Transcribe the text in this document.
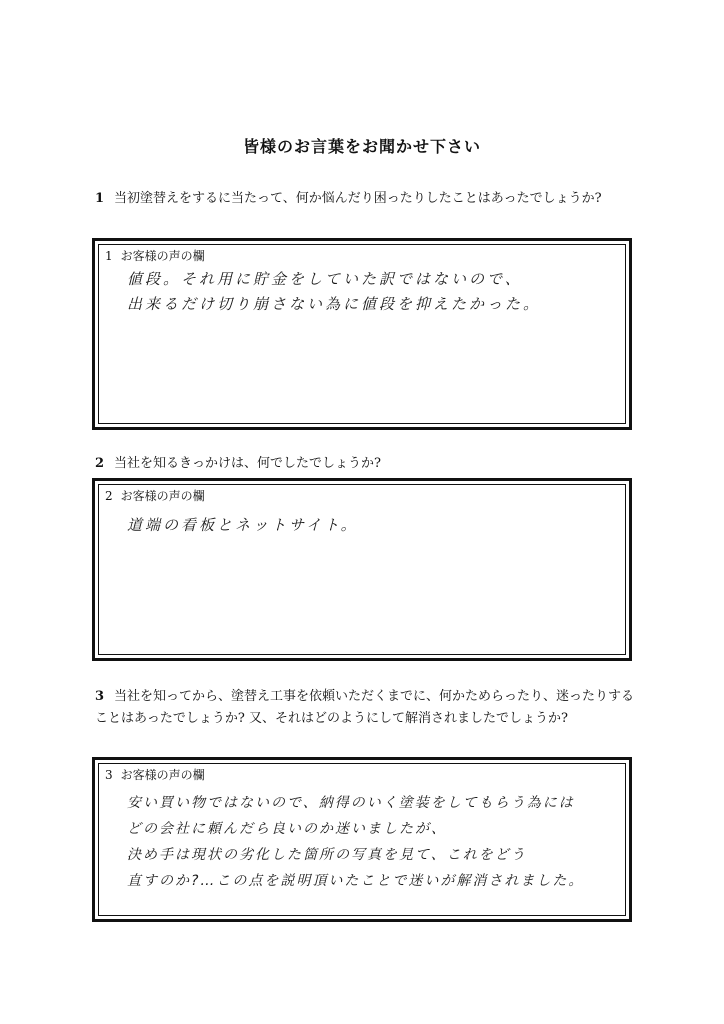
皆様のお言葉をお聞かせ下さい
1 当初塗替えをするに当たって、何か悩んだり困ったりしたことはあったでしょうか?
1 お客様の声の欄
値段。それ用に貯金をしていた訳ではないので、
出来るだけ切り崩さない為に値段を抑えたかった。
2 当社を知るきっかけは、何でしたでしょうか?
2 お客様の声の欄
道端の看板とネットサイト。
3 当社を知ってから、塗替え工事を依頼いただくまでに、何かためらったり、迷ったりすることはあったでしょうか? 又、それはどのようにして解消されましたでしょうか?
3 お客様の声の欄
安い買い物ではないので、納得のいく塗装をしてもらう為には
どの会社に頼んだら良いのか迷いましたが、
決め手は現状の劣化した箇所の写真を見て、これをどう
直すのか?…この点を説明頂いたことで迷いが解消されました。
